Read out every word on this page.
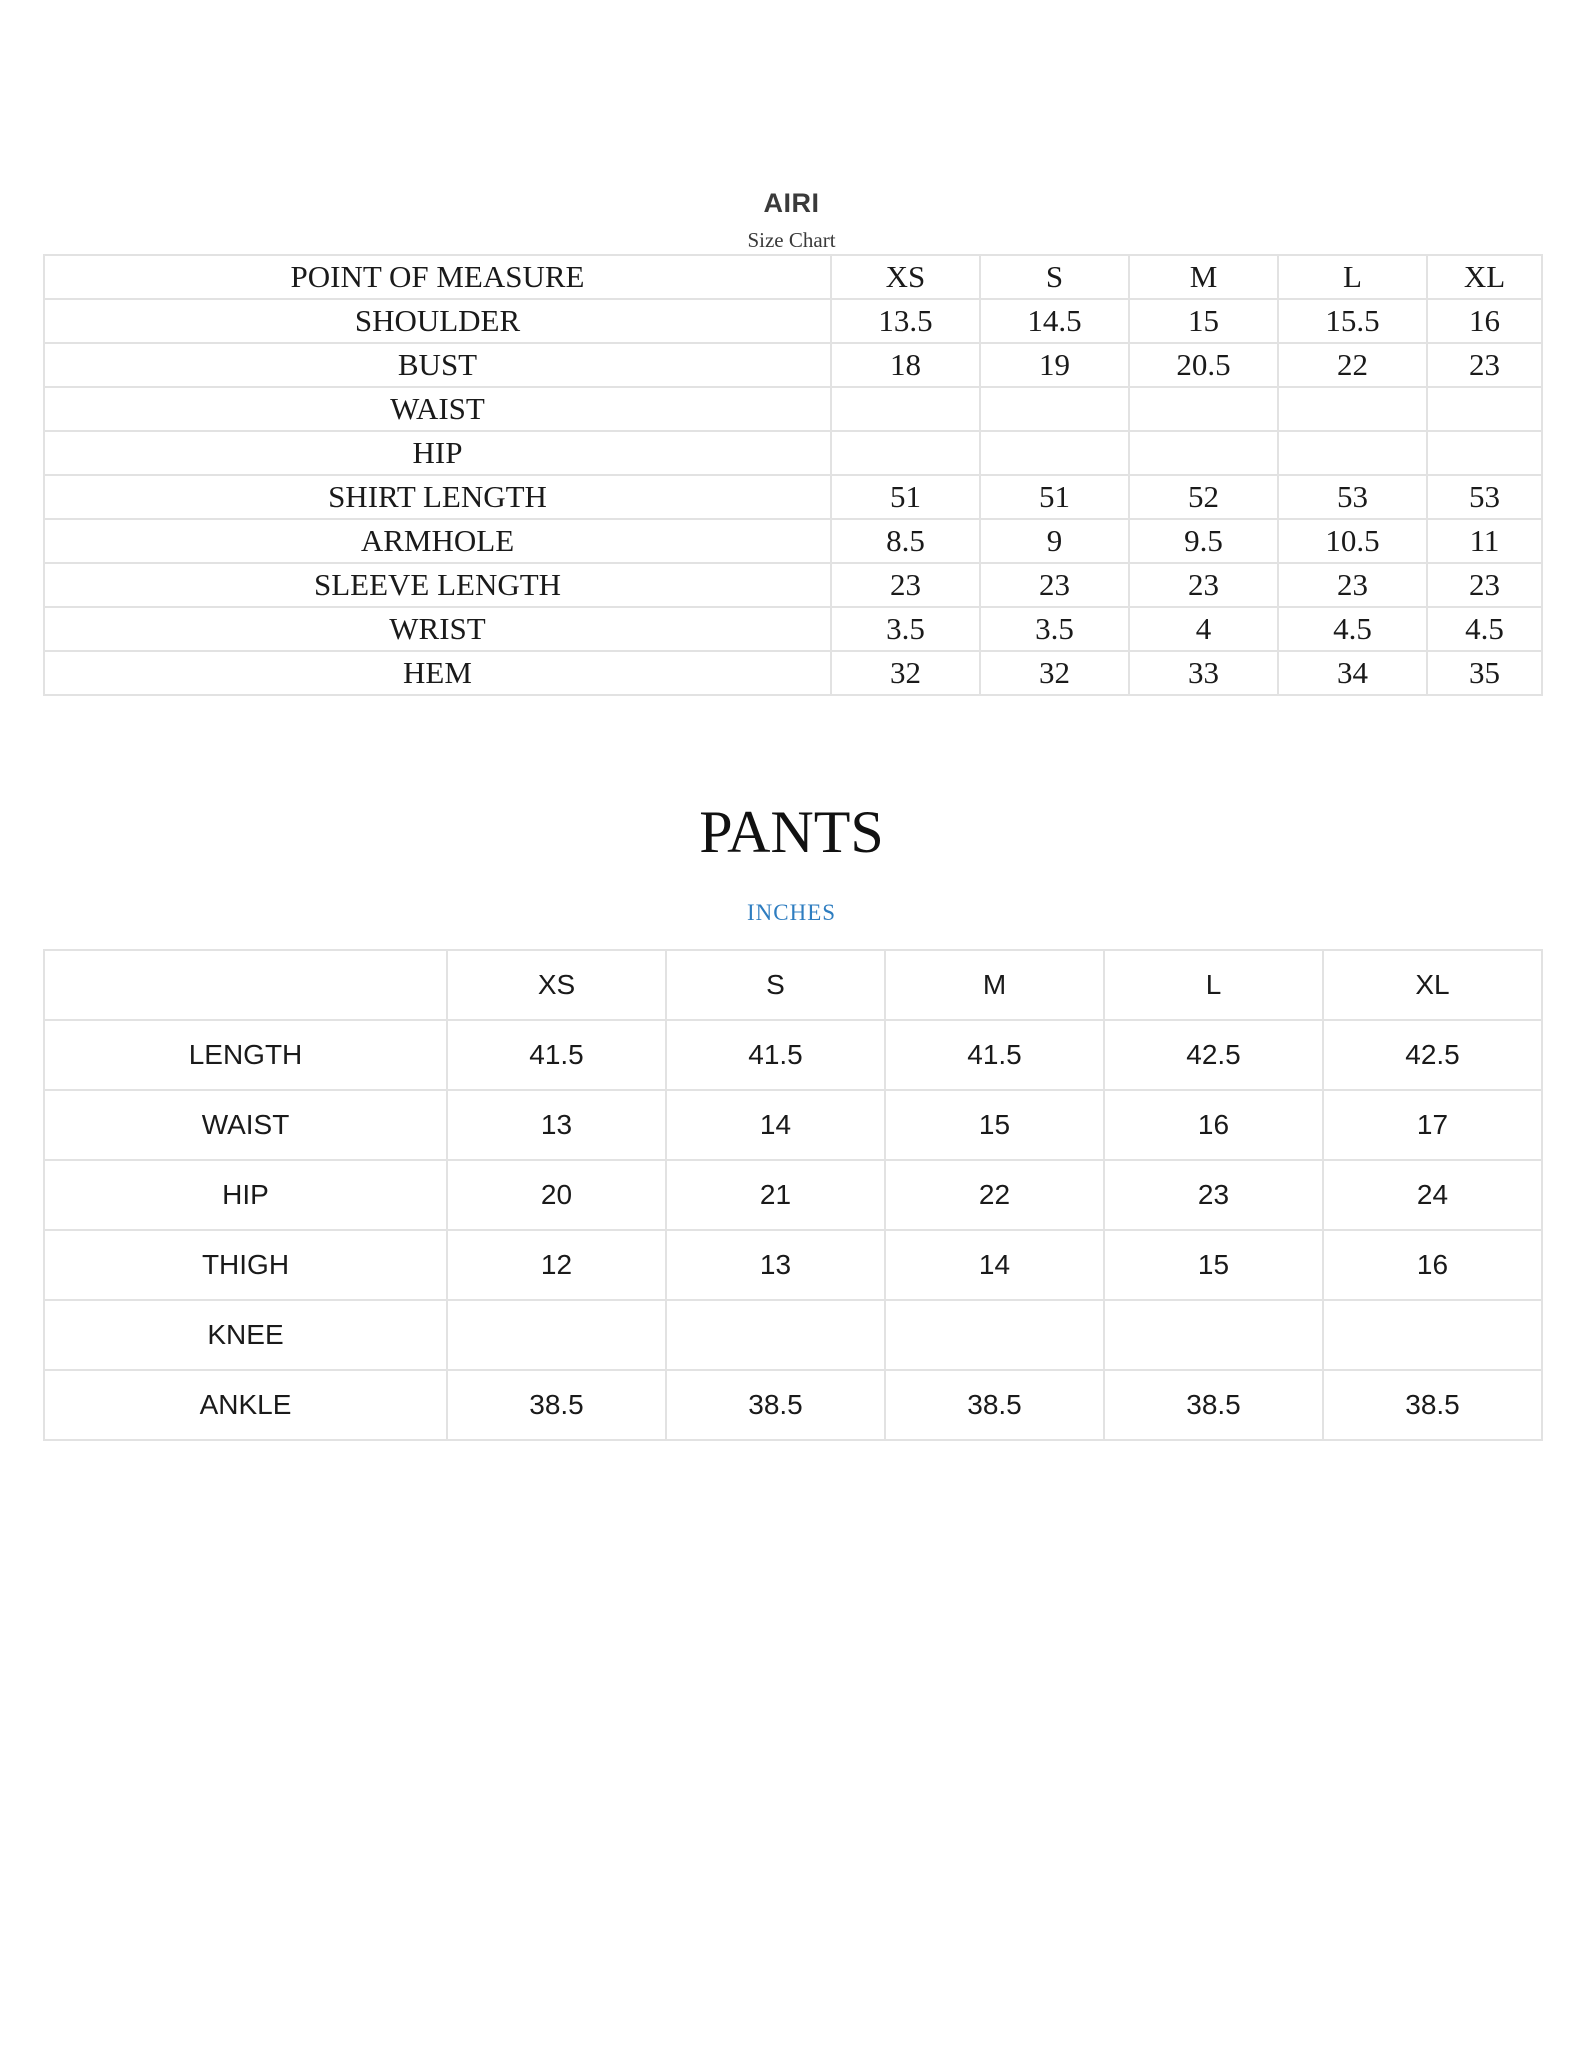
AIRI
Size Chart
POINT OF MEASURE	XS	S	M	L	XL
SHOULDER	13.5	14.5	15	15.5	16
BUST	18	19	20.5	22	23
WAIST					
HIP					
SHIRT LENGTH	51	51	52	53	53
ARMHOLE	8.5	9	9.5	10.5	11
SLEEVE LENGTH	23	23	23	23	23
WRIST	3.5	3.5	4	4.5	4.5
HEM	32	32	33	34	35
PANTS
INCHES
	XS	S	M	L	XL
LENGTH	41.5	41.5	41.5	42.5	42.5
WAIST	13	14	15	16	17
HIP	20	21	22	23	24
THIGH	12	13	14	15	16
KNEE					
ANKLE	38.5	38.5	38.5	38.5	38.5
